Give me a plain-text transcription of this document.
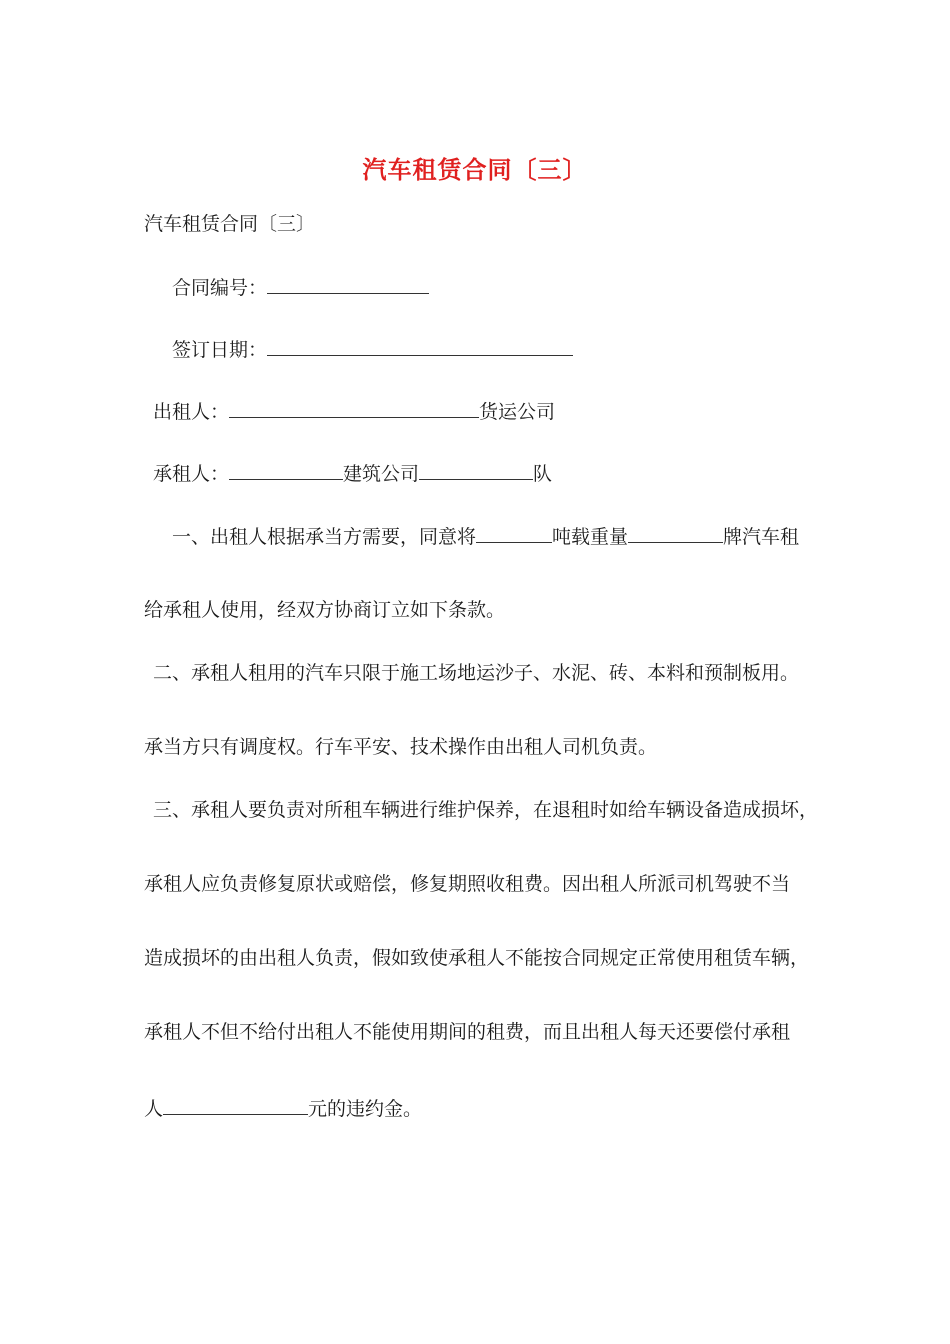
汽车租赁合同〔三〕
汽车租赁合同〔三〕
合同编号：
签订日期：
出租人：	货运公司
承租人：	建筑公司	队
一、出租人根据承当方需要，同意将	吨载重量	牌汽车租
给承租人使用，经双方协商订立如下条款。
二、承租人租用的汽车只限于施工场地运沙子、水泥、砖、本料和预制板用。
承当方只有调度权。行车平安、技术操作由出租人司机负责。
三、承租人要负责对所租车辆进行维护保养，在退租时如给车辆设备造成损坏，
承租人应负责修复原状或赔偿，修复期照收租费。因出租人所派司机驾驶不当
造成损坏的由出租人负责，假如致使承租人不能按合同规定正常使用租赁车辆，
承租人不但不给付出租人不能使用期间的租费，而且出租人每天还要偿付承租
人	元的违约金。
